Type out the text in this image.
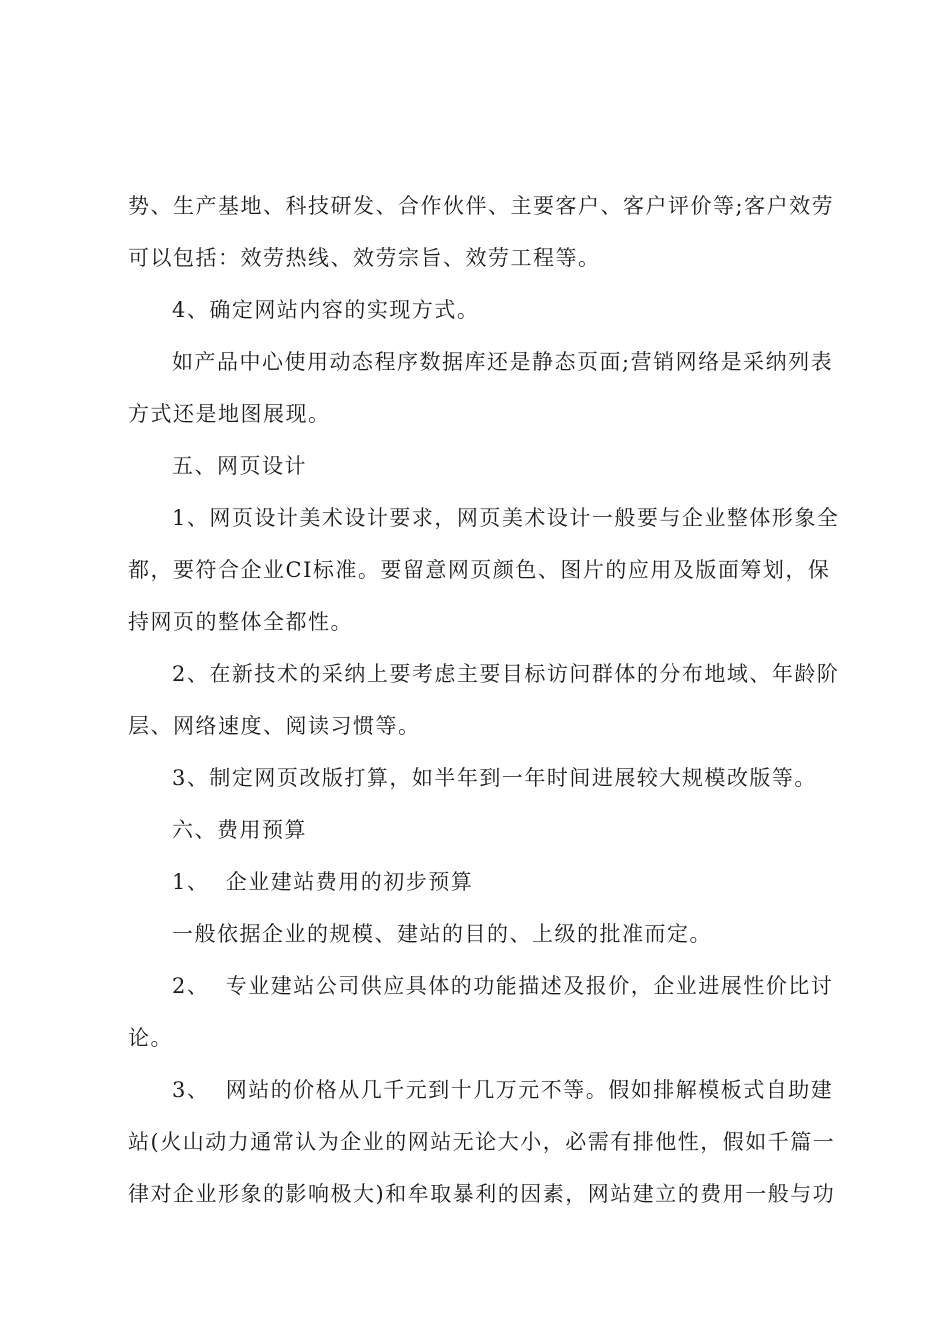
势、生产基地、科技研发、合作伙伴、主要客户、客户评价等;客户效劳
可以包括：效劳热线、效劳宗旨、效劳工程等。
4、确定网站内容的实现方式。
如产品中心使用动态程序数据库还是静态页面;营销网络是采纳列表
方式还是地图展现。
五、网页设计
1、网页设计美术设计要求，网页美术设计一般要与企业整体形象全
都，要符合企业CI标准。要留意网页颜色、图片的应用及版面筹划，保
持网页的整体全都性。
2、在新技术的采纳上要考虑主要目标访问群体的分布地域、年龄阶
层、网络速度、阅读习惯等。
3、制定网页改版打算，如半年到一年时间进展较大规模改版等。
六、费用预算
1、  企业建站费用的初步预算
一般依据企业的规模、建站的目的、上级的批准而定。
2、  专业建站公司供应具体的功能描述及报价，企业进展性价比讨
论。
3、  网站的价格从几千元到十几万元不等。假如排解模板式自助建
站(火山动力通常认为企业的网站无论大小，必需有排他性，假如千篇一
律对企业形象的影响极大)和牟取暴利的因素，网站建立的费用一般与功
